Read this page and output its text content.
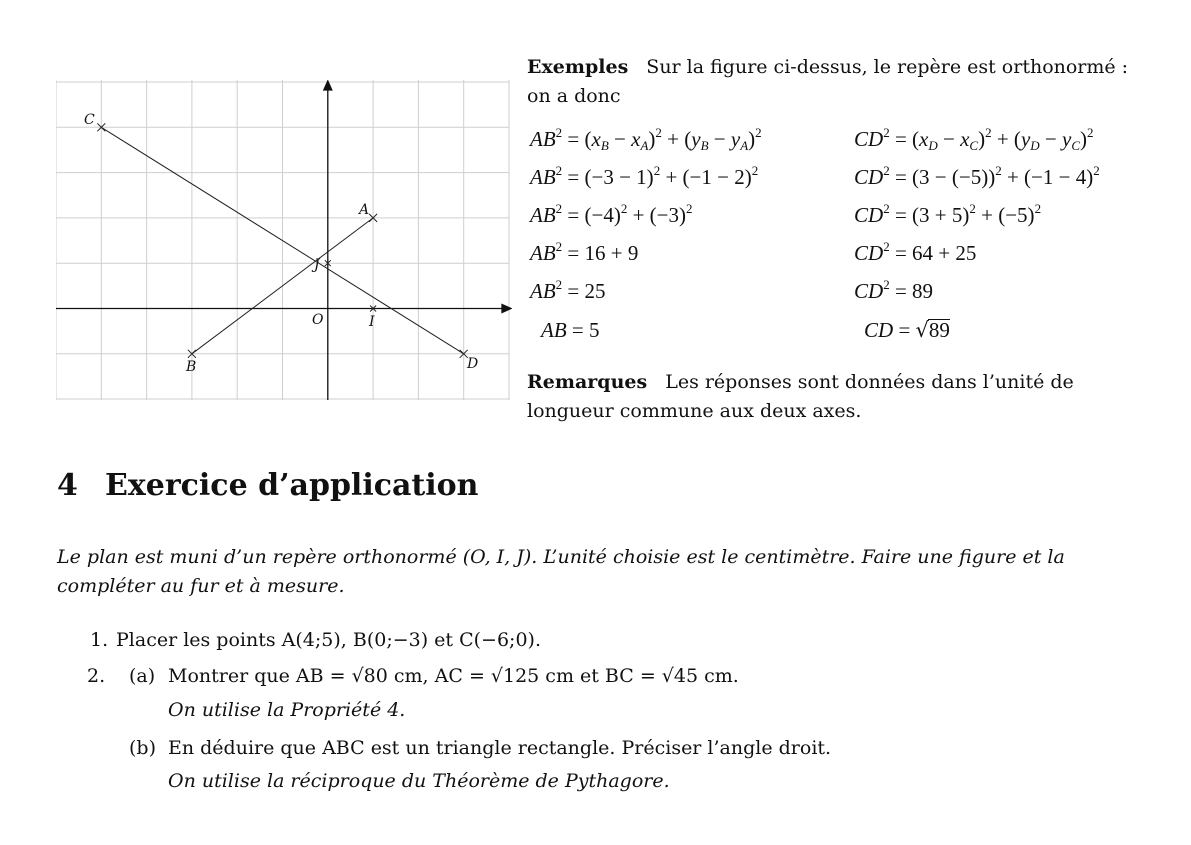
C
A
J
O	I
B	D
Exemples Sur la figure ci-dessus, le repère est orthonormé : on a donc
$AB^2 = (x_B - x_A)^2 + (y_B - y_A)^2$
$AB^2 = (-3 - 1)^2 + (-1 - 2)^2$
$AB^2 = (-4)^2 + (-3)^2$
$AB^2 = 16 + 9$
$AB^2 = 25$
AB = 5
$CD^2 = (x_D - x_C)^2 + (y_D - y_C)^2$
$CD^2 = (3 - (-5))^2 + (-1 - 4)^2$
$CD^2 = (3 + 5)^2 + (-5)^2$
$CD^2 = 64 + 25$
$CD^2 = 89$
CD = √89
Remarques Les réponses sont données dans l’unité de longueur commune aux deux axes.
4 Exercice d’application
Le plan est muni d’un repère orthonormé (O, I, J). L’unité choisie est le centimètre. Faire une figure et la compléter au fur et à mesure.
1. Placer les points A(4;5), B(0;−3) et C(−6;0).
2. (a) Montrer que AB = √80 cm, AC = √125 cm et BC = √45 cm.
On utilise la Propriété 4.
(b) En déduire que ABC est un triangle rectangle. Préciser l’angle droit.
On utilise la réciproque du Théorème de Pythagore.
